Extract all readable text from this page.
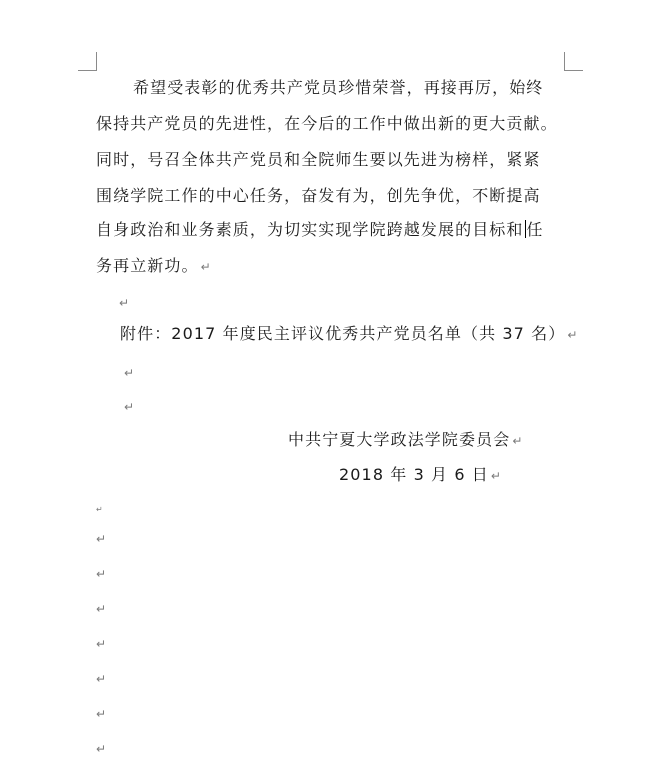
希望受表彰的优秀共产党员珍惜荣誉，再接再厉，始终
保持共产党员的先进性，在今后的工作中做出新的更大贡献。
同时，号召全体共产党员和全院师生要以先进为榜样，紧紧
围绕学院工作的中心任务，奋发有为，创先争优，不断提高
自身政治和业务素质，为切实实现学院跨越发展的目标和 任
务再立新功。 ↵
↵
附件：2017 年度民主评议优秀共产党员名单（共 37 名） ↵
↵
↵
中共宁夏大学政法学院委员会 ↵
2018 年 3 月 6 日 ↵
↵
↵
↵
↵
↵
↵
↵
↵
